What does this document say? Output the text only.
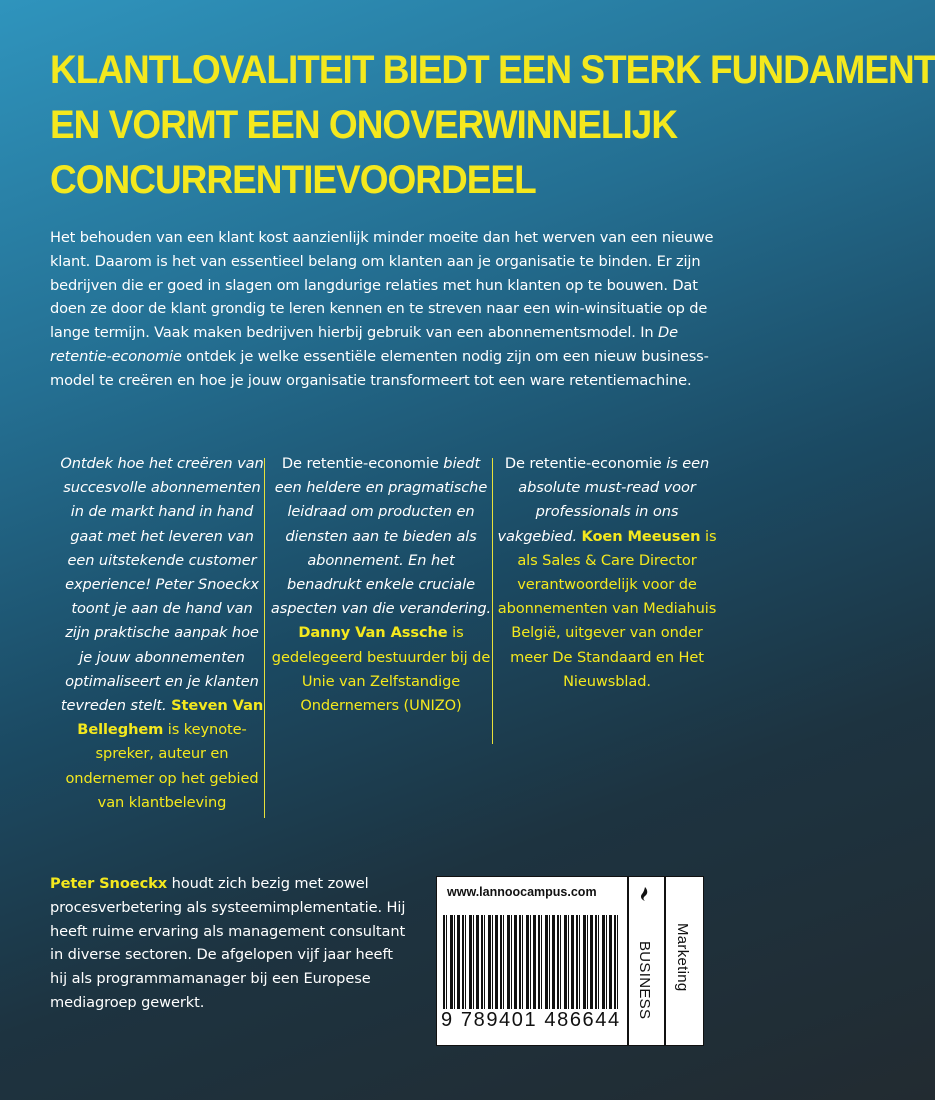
KLANTLOVALITEIT BIEDT EEN STERK FUNDAMENT
EN VORMT EEN ONOVERWINNELIJK
CONCURRENTIEVOORDEEL

Het behouden van een klant kost aanzienlijk minder moeite dan het werven van een nieuwe klant. Daarom is het van essentieel belang om klanten aan je organisatie te binden. Er zijn bedrijven die er goed in slagen om langdurige relaties met hun klanten op te bouwen. Dat doen ze door de klant grondig te leren kennen en te streven naar een win-winsituatie op de lange termijn. Vaak maken bedrijven hierbij gebruik van een abonnementsmodel. In De retentie-economie ontdek je welke essentiële elementen nodig zijn om een nieuw business-model te creëren en hoe je jouw organisatie transformeert tot een ware retentiemachine.

Ontdek hoe het creëren van succesvolle abonnementen in de markt hand in hand gaat met het leveren van een uitstekende customer experience! Peter Snoeckx toont je aan de hand van zijn praktische aanpak hoe je jouw abonnementen optimaliseert en je klanten tevreden stelt. Steven Van Belleghem is keynote-spreker, auteur en ondernemer op het gebied van klantbeleving

De retentie-economie biedt een heldere en pragmatische leidraad om producten en diensten aan te bieden als abonnement. En het benadrukt enkele cruciale aspecten van die verandering. Danny Van Assche is gedelegeerd bestuurder bij de Unie van Zelfstandige Ondernemers (UNIZO)

De retentie-economie is een absolute must-read voor professionals in ons vakgebied. Koen Meeusen is als Sales & Care Director verantwoordelijk voor de abonnementen van Mediahuis België, uitgever van onder meer De Standaard en Het Nieuwsblad.

Peter Snoeckx houdt zich bezig met zowel procesverbetering als systeemimplementatie. Hij heeft ruime ervaring als management consultant in diverse sectoren. De afgelopen vijf jaar heeft hij als programmamanager bij een Europese mediagroep gewerkt.

www.lannoocampus.com

9 789401 486644

BUSINESS Marketing
